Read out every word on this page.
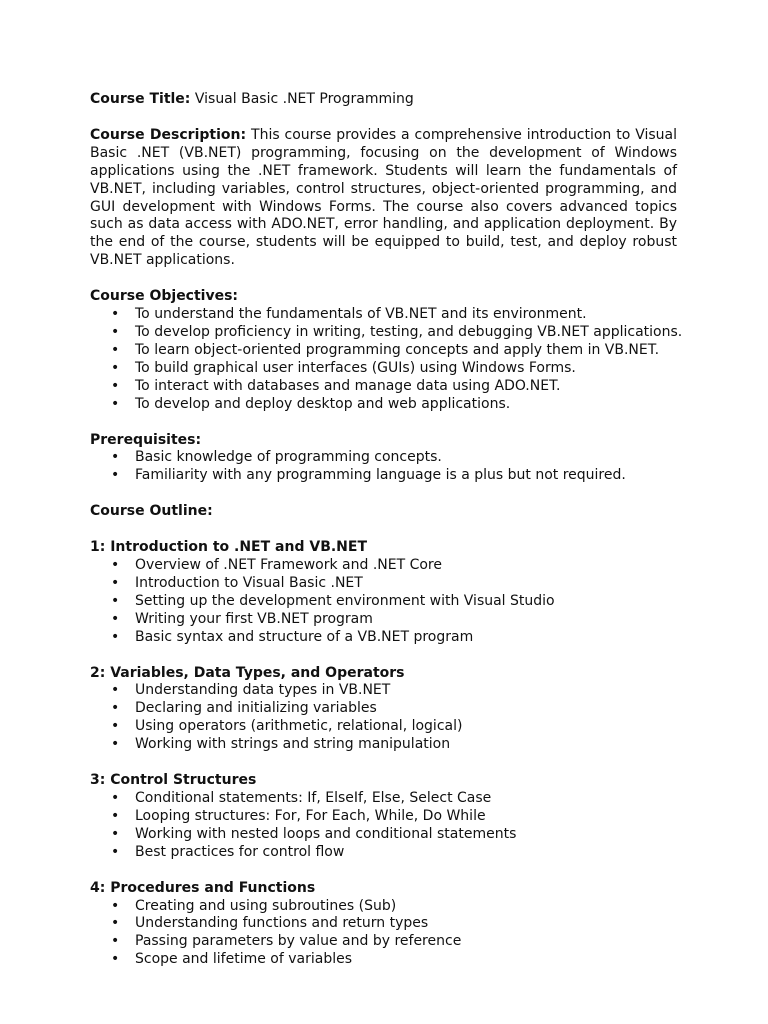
Course Title: Visual Basic .NET Programming

Course Description: This course provides a comprehensive introduction to Visual Basic .NET (VB.NET) programming, focusing on the development of Windows applications using the .NET framework. Students will learn the fundamentals of VB.NET, including variables, control structures, object-oriented programming, and GUI development with Windows Forms. The course also covers advanced topics such as data access with ADO.NET, error handling, and application deployment. By the end of the course, students will be equipped to build, test, and deploy robust VB.NET applications.

Course Objectives:

• To understand the fundamentals of VB.NET and its environment.
• To develop proficiency in writing, testing, and debugging VB.NET applications.
• To learn object-oriented programming concepts and apply them in VB.NET.
• To build graphical user interfaces (GUIs) using Windows Forms.
• To interact with databases and manage data using ADO.NET.
• To develop and deploy desktop and web applications.

Prerequisites:

• Basic knowledge of programming concepts.
• Familiarity with any programming language is a plus but not required.

Course Outline:

1: Introduction to .NET and VB.NET

• Overview of .NET Framework and .NET Core
• Introduction to Visual Basic .NET
• Setting up the development environment with Visual Studio
• Writing your first VB.NET program
• Basic syntax and structure of a VB.NET program

2: Variables, Data Types, and Operators

• Understanding data types in VB.NET
• Declaring and initializing variables
• Using operators (arithmetic, relational, logical)
• Working with strings and string manipulation

3: Control Structures

• Conditional statements: If, ElseIf, Else, Select Case
• Looping structures: For, For Each, While, Do While
• Working with nested loops and conditional statements
• Best practices for control flow

4: Procedures and Functions

• Creating and using subroutines (Sub)
• Understanding functions and return types
• Passing parameters by value and by reference
• Scope and lifetime of variables
